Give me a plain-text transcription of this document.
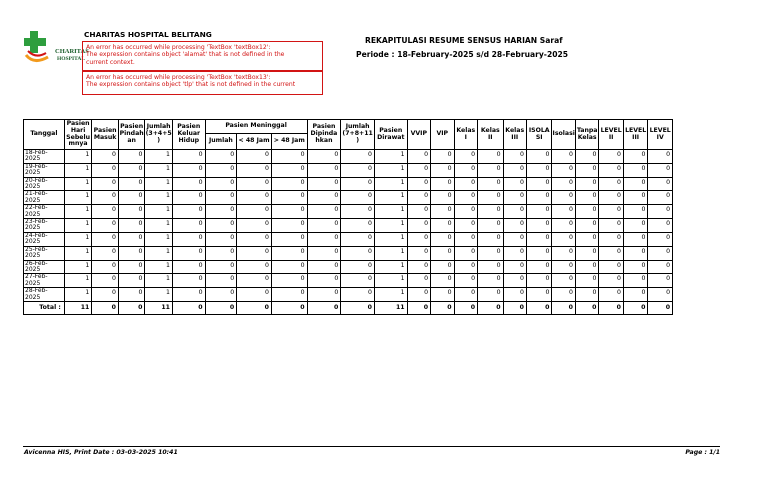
CHARITAS
HOSPITAL
CHARITAS HOSPITAL BELITANG
An error has occurred while processing 'TextBox 'textBox12':
The expression contains object 'alamat' that is not defined in the
current context.
An error has occurred while processing 'TextBox 'textBox13':
The expression contains object 'tlp' that is not defined in the current
REKAPITULASI RESUME SENSUS HARIAN Saraf
Periode : 18-February-2025 s/d 28-February-2025
Tanggal	Pasien Hari Sebelu mnya	Pasien Masuk	Pasien Pindah an	Jumlah (3+4+5 )	Pasien Keluar Hidup	Pasien Meninggal			Pasien Dipinda hkan	Jumlah (7+8+11 )	Pasien Dirawat	VVIP	VIP	Kelas I	Kelas II	Kelas III	ISOLA SI	Isolasi	Tanpa Kelas	LEVEL II	LEVEL III	LEVEL IV
						Jumlah	< 48 Jam	> 48 Jam														
18-Feb-
2025	1	0	0	1	0	0	0	0	0	0	1	0	0	0	0	0	0	0	0	0	0	0
19-Feb-
2025	1	0	0	1	0	0	0	0	0	0	1	0	0	0	0	0	0	0	0	0	0	0
20-Feb-
2025	1	0	0	1	0	0	0	0	0	0	1	0	0	0	0	0	0	0	0	0	0	0
21-Feb-
2025	1	0	0	1	0	0	0	0	0	0	1	0	0	0	0	0	0	0	0	0	0	0
22-Feb-
2025	1	0	0	1	0	0	0	0	0	0	1	0	0	0	0	0	0	0	0	0	0	0
23-Feb-
2025	1	0	0	1	0	0	0	0	0	0	1	0	0	0	0	0	0	0	0	0	0	0
24-Feb-
2025	1	0	0	1	0	0	0	0	0	0	1	0	0	0	0	0	0	0	0	0	0	0
25-Feb-
2025	1	0	0	1	0	0	0	0	0	0	1	0	0	0	0	0	0	0	0	0	0	0
26-Feb-
2025	1	0	0	1	0	0	0	0	0	0	1	0	0	0	0	0	0	0	0	0	0	0
27-Feb-
2025	1	0	0	1	0	0	0	0	0	0	1	0	0	0	0	0	0	0	0	0	0	0
28-Feb-
2025	1	0	0	1	0	0	0	0	0	0	1	0	0	0	0	0	0	0	0	0	0	0
Total :	11	0	0	11	0	0	0	0	0	0	11	0	0	0	0	0	0	0	0	0	0	0
Avicenna HIS, Print Date : 03-03-2025 10:41	Page : 1/1
